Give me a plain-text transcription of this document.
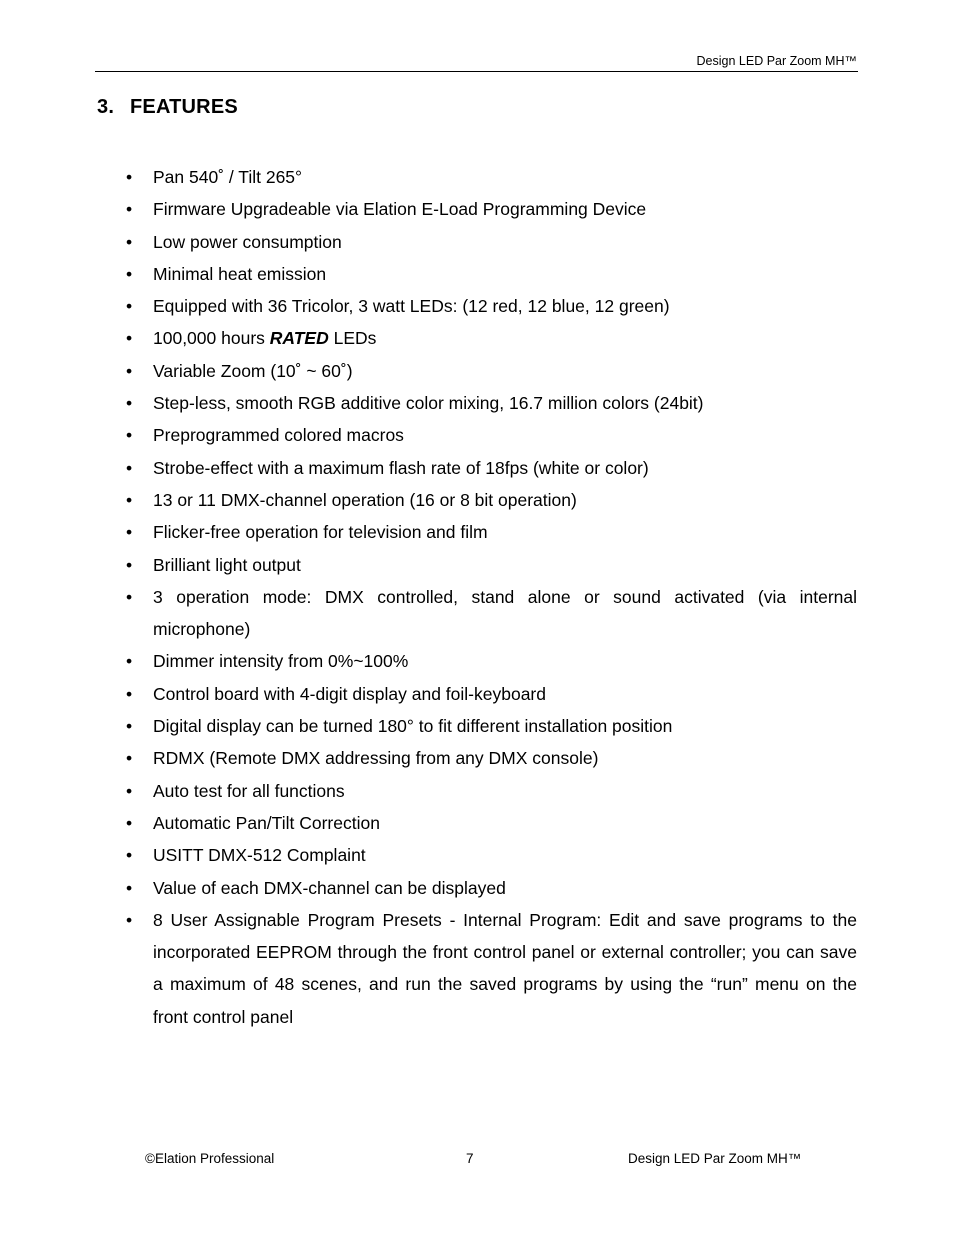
Design LED Par Zoom MH™
3. FEATURES
• Pan 540˚ / Tilt 265°
• Firmware Upgradeable via Elation E-Load Programming Device
• Low power consumption
• Minimal heat emission
• Equipped with 36 Tricolor, 3 watt LEDs: (12 red, 12 blue, 12 green)
• 100,000 hours RATED LEDs
• Variable Zoom (10˚ ~ 60˚)
• Step-less, smooth RGB additive color mixing, 16.7 million colors (24bit)
• Preprogrammed colored macros
• Strobe-effect with a maximum flash rate of 18fps (white or color)
• 13 or 11 DMX-channel operation (16 or 8 bit operation)
• Flicker-free operation for television and film
• Brilliant light output
• 3 operation mode: DMX controlled, stand alone or sound activated (via internal microphone)
• Dimmer intensity from 0%~100%
• Control board with 4-digit display and foil-keyboard
• Digital display can be turned 180° to fit different installation position
• RDMX (Remote DMX addressing from any DMX console)
• Auto test for all functions
• Automatic Pan/Tilt Correction
• USITT DMX-512 Complaint
• Value of each DMX-channel can be displayed
• 8 User Assignable Program Presets - Internal Program: Edit and save programs to the incorporated EEPROM through the front control panel or external controller; you can save a maximum of 48 scenes, and run the saved programs by using the “run” menu on the front control panel
©Elation Professional	7	Design LED Par Zoom MH™
